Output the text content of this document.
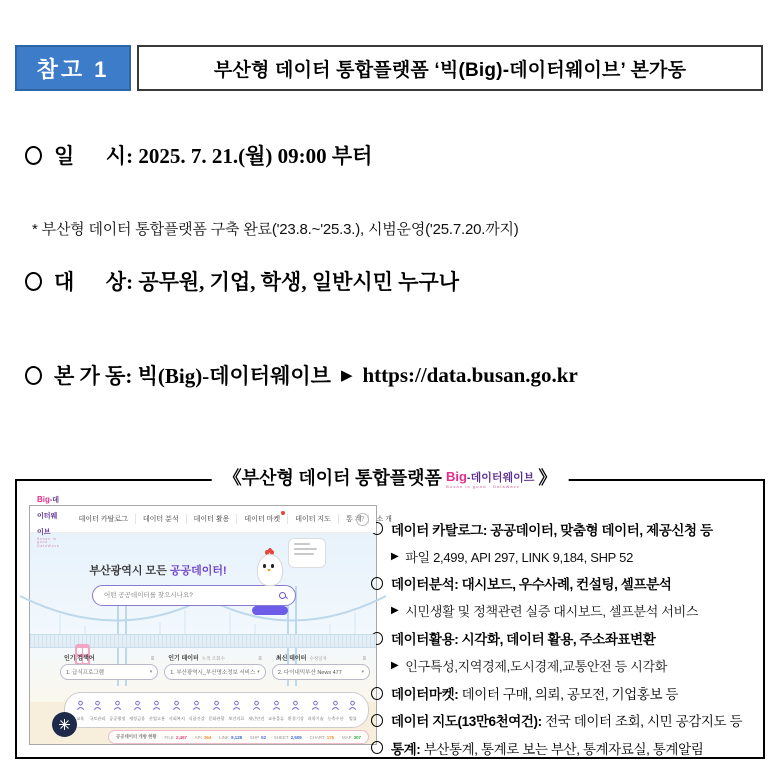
참고 1	부산형 데이터 통합플랫폼 ‘빅(Big)-데이터웨이브’ 본가동
일      시: 2025. 7. 21.(월) 09:00 부터
* 부산형 데이터 통합플랫폼 구축 완료('23.8.~'25.3.), 시범운영('25.7.20.까지)
대      상: 공무원, 기업, 학생, 일반시민 누구나
본 가 동: 빅(Big)-데이터웨이브 ▶ https://data.busan.go.kr
《부산형 데이터 통합플랫폼 Big-데이터웨이브
Busan is good · DataWave 》
Big-데이터웨이브
Busan is good · DataWave
데이터 카탈로그	데이터 분석	데이터 활용	데이터 마켓	데이터 지도	통 계	소 개
?
부산광역시 모든 공공데이터!
어떤 공공데이터를 찾으시나요?
인기 검색어	≡
1. 급식프로그램	▾
인기 데이터 누적 조회수	≡
1. 부산광역시_부산명소정보 서비스 ▾
최신 데이터 수정일자	≡
2. 다이내믹부산 News 477	▾
교육 국토관리 공공행정 재정금융 산업고용 사회복지 식품건강 문화관광 보건의료 재난안전 교통물류 환경기상 과학기술 농축수산 법률
공공데이터 개방 현황 · FILE 2,467 · API 264 · LINK 9,128 · SHP 52 · SHEET 2,509 · CHART 175 · MAP 307
데이터 카탈로그: 공공데이터, 맞춤형 데이터, 제공신청 등
▶ 파일 2,499, API 297, LINK 9,184, SHP 52
데이터분석: 대시보드, 우수사례, 컨설팅, 셀프분석
▶ 시민생활 및 정책관련 실증 대시보드, 셀프분석 서비스
데이터활용: 시각화, 데이터 활용, 주소좌표변환
▶ 인구특성,지역경제,도시경제,교통안전 등 시각화
데이터마켓: 데이터 구매, 의뢰, 공모전, 기업홍보 등
데이터 지도(13만6천여건): 전국 데이터 조회, 시민 공감지도 등
통계: 부산통계, 통계로 보는 부산, 통계자료실, 통계알림
